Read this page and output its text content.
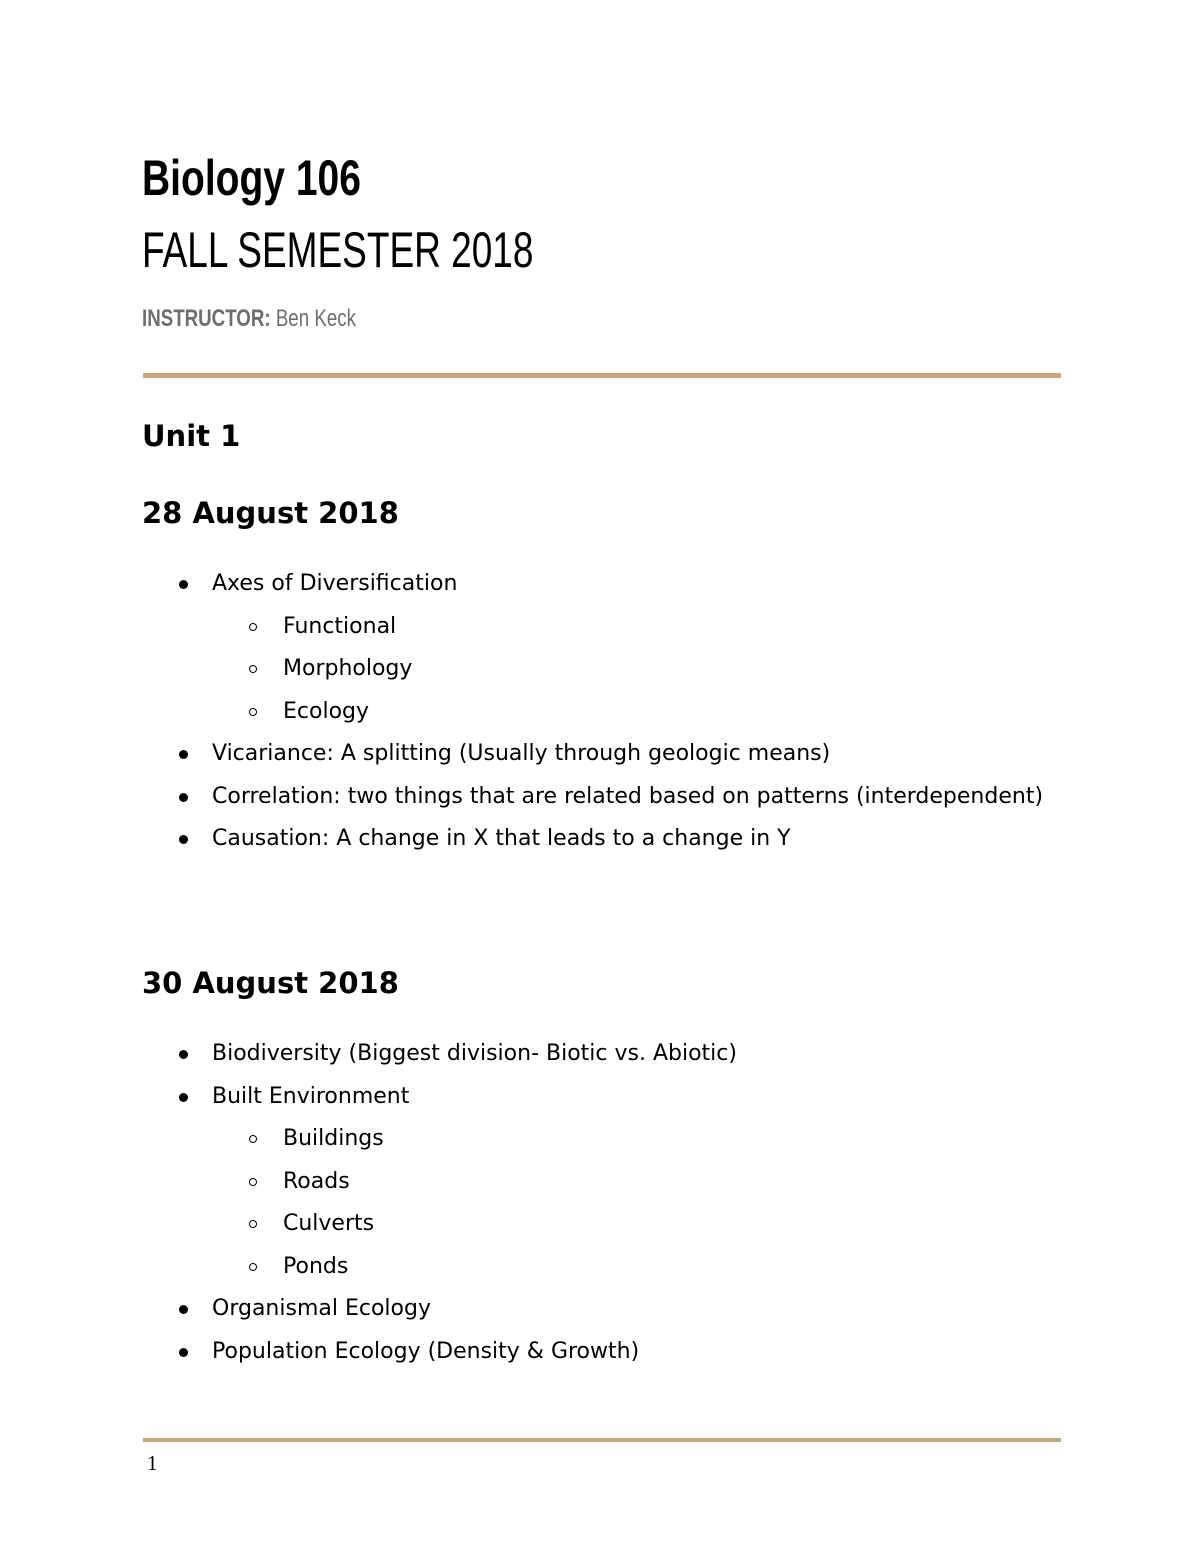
Biology 106
FALL SEMESTER 2018
INSTRUCTOR: Ben Keck
Unit 1
28 August 2018
Axes of Diversification
Functional
Morphology
Ecology
Vicariance: A splitting (Usually through geologic means)
Correlation: two things that are related based on patterns (interdependent)
Causation: A change in X that leads to a change in Y
30 August 2018
Biodiversity (Biggest division- Biotic vs. Abiotic)
Built Environment
Buildings
Roads
Culverts
Ponds
Organismal Ecology
Population Ecology (Density & Growth)
1
